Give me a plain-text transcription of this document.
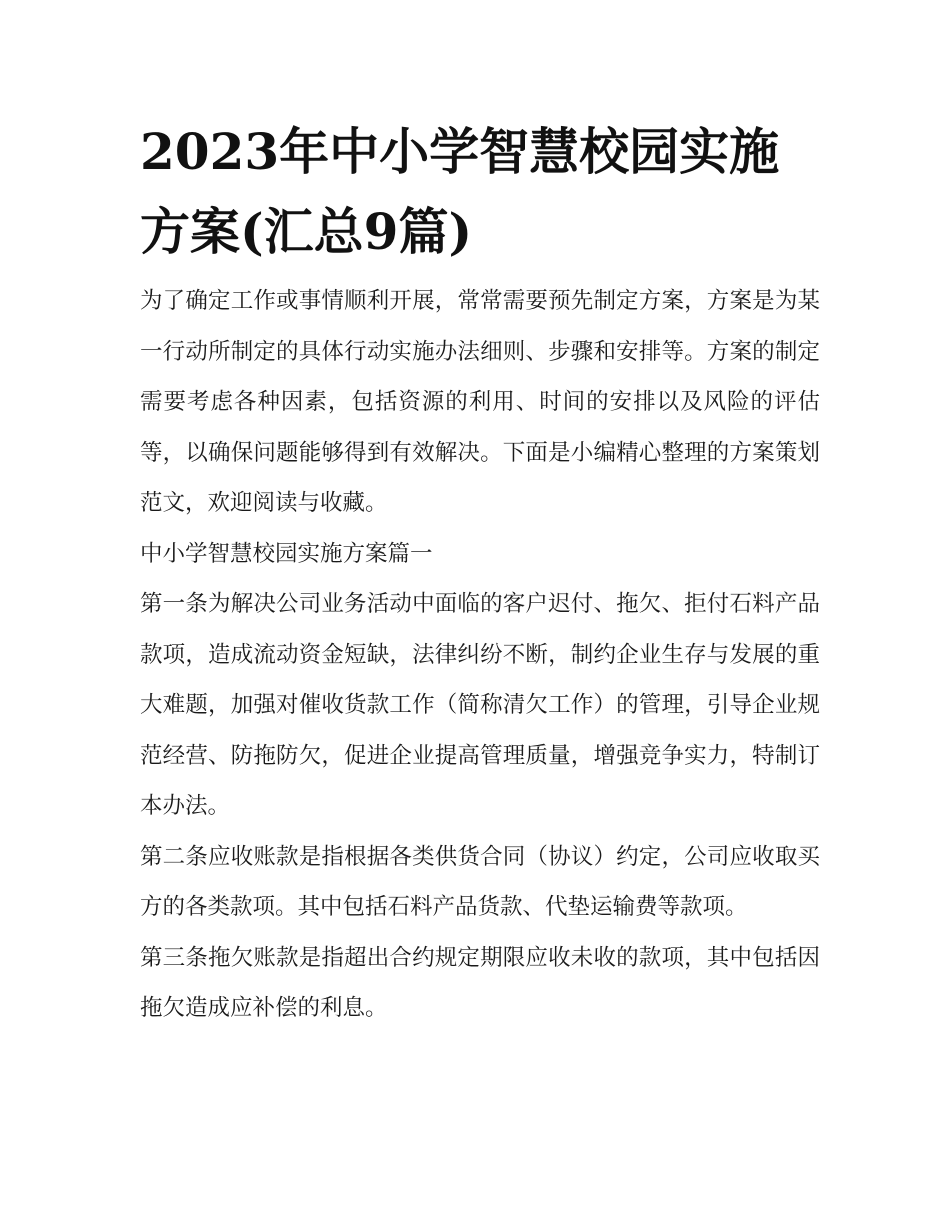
2023年中小学智慧校园实施方案(汇总9篇)

为了确定工作或事情顺利开展，常常需要预先制定方案，方案是为某一行动所制定的具体行动实施办法细则、步骤和安排等。方案的制定需要考虑各种因素，包括资源的利用、时间的安排以及风险的评估等，以确保问题能够得到有效解决。下面是小编精心整理的方案策划范文，欢迎阅读与收藏。

中小学智慧校园实施方案篇一

第一条为解决公司业务活动中面临的客户迟付、拖欠、拒付石料产品款项，造成流动资金短缺，法律纠纷不断，制约企业生存与发展的重大难题，加强对催收货款工作（简称清欠工作）的管理，引导企业规范经营、防拖防欠，促进企业提高管理质量，增强竞争实力，特制订本办法。

第二条应收账款是指根据各类供货合同（协议）约定，公司应收取买方的各类款项。其中包括石料产品货款、代垫运输费等款项。

第三条拖欠账款是指超出合约规定期限应收未收的款项，其中包括因拖欠造成应补偿的利息。
